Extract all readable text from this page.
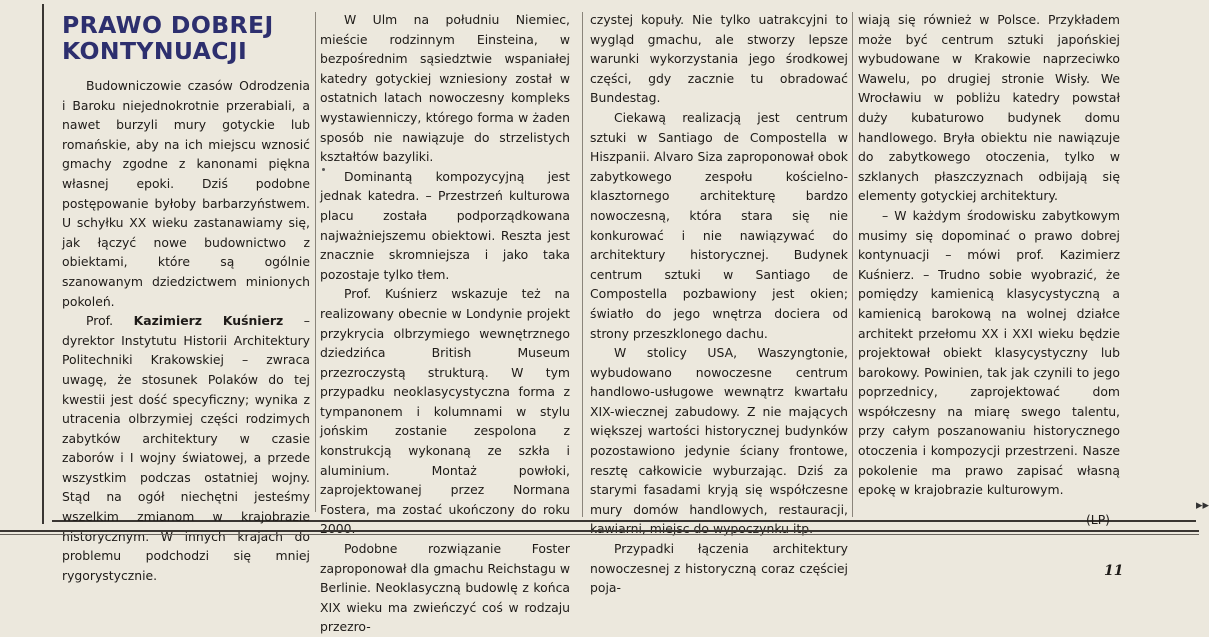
PRAWO DOBREJ KONTYNUACJI

Budowniczowie czasów Odrodzenia i Baroku niejednokrotnie przerabiali, a nawet burzyli mury gotyckie lub romańskie, aby na ich miejscu wznosić gmachy zgodne z kanonami piękna własnej epoki. Dziś podobne postępowanie byłoby barbarzyństwem. U schyłku XX wieku zastanawiamy się, jak łączyć nowe budownictwo z obiektami, które są ogólnie szanowanym dziedzictwem minionych pokoleń.

Prof. Kazimierz Kuśnierz – dyrektor Instytutu Historii Architektury Politechniki Krakowskiej – zwraca uwagę, że stosunek Polaków do tej kwestii jest dość specyficzny; wynika z utracenia olbrzymiej części rodzimych zabytków architektury w czasie zaborów i I wojny światowej, a przede wszystkim podczas ostatniej wojny. Stąd na ogół niechętni jesteśmy wszelkim zmianom w krajobrazie historycznym. W innych krajach do problemu podchodzi się mniej rygorystycznie.

W Ulm na południu Niemiec, mieście rodzinnym Einsteina, w bezpośrednim sąsiedztwie wspaniałej katedry gotyckiej wzniesiony został w ostatnich latach nowoczesny kompleks wystawienniczy, którego forma w żaden sposób nie nawiązuje do strzelistych kształtów bazyliki.

Dominantą kompozycyjną jest jednak katedra. – Przestrzeń kulturowa placu została podporządkowana najważniejszemu obiektowi. Reszta jest znacznie skromniejsza i jako taka pozostaje tylko tłem.

Prof. Kuśnierz wskazuje też na realizowany obecnie w Londynie projekt przykrycia olbrzymiego wewnętrznego dziedzińca British Museum przezroczystą strukturą. W tym przypadku neoklasycystyczna forma z tympanonem i kolumnami w stylu jońskim zostanie zespolona z konstrukcją wykonaną ze szkła i aluminium. Montaż powłoki, zaprojektowanej przez Normana Fostera, ma zostać ukończony do roku 2000.

Podobne rozwiązanie Foster zaproponował dla gmachu Reichstagu w Berlinie. Neoklasyczną budowlę z końca XIX wieku ma zwieńczyć coś w rodzaju przezro-

czystej kopuły. Nie tylko uatrakcyjni to wygląd gmachu, ale stworzy lepsze warunki wykorzystania jego środkowej części, gdy zacznie tu obradować Bundestag.

Ciekawą realizacją jest centrum sztuki w Santiago de Compostella w Hiszpanii. Alvaro Siza zaproponował obok zabytkowego zespołu kościelno-klasztornego architekturę bardzo nowoczesną, która stara się nie konkurować i nie nawiązywać do architektury historycznej. Budynek centrum sztuki w Santiago de Compostella pozbawiony jest okien; światło do jego wnętrza dociera od strony przeszklonego dachu.

W stolicy USA, Waszyngtonie, wybudowano nowoczesne centrum handlowo-usługowe wewnątrz kwartału XIX-wiecznej zabudowy. Z nie mających większej wartości historycznej budynków pozostawiono jedynie ściany frontowe, resztę całkowicie wyburzając. Dziś za starymi fasadami kryją się współczesne mury domów handlowych, restauracji, kawiarni, miejsc do wypoczynku itp.

Przypadki łączenia architektury nowoczesnej z historyczną coraz częściej poja-

wiają się również w Polsce. Przykładem może być centrum sztuki japońskiej wybudowane w Krakowie naprzeciwko Wawelu, po drugiej stronie Wisły. We Wrocławiu w pobliżu katedry powstał duży kubaturowo budynek domu handlowego. Bryła obiektu nie nawiązuje do zabytkowego otoczenia, tylko w szklanych płaszczyznach odbijają się elementy gotyckiej architektury.

– W każdym środowisku zabytkowym musimy się dopominać o prawo dobrej kontynuacji – mówi prof. Kazimierz Kuśnierz. – Trudno sobie wyobrazić, że pomiędzy kamienicą klasycystyczną a kamienicą barokową na wolnej działce architekt przełomu XX i XXI wieku będzie projektował obiekt klasycystyczny lub barokowy. Powinien, tak jak czynili to jego poprzednicy, zaprojektować dom współczesny na miarę swego talentu, przy całym poszanowaniu historycznego otoczenia i kompozycji przestrzeni. Nasze pokolenie ma prawo zapisać własną epokę w krajobrazie kulturowym.

(LP)
▸▸
11
